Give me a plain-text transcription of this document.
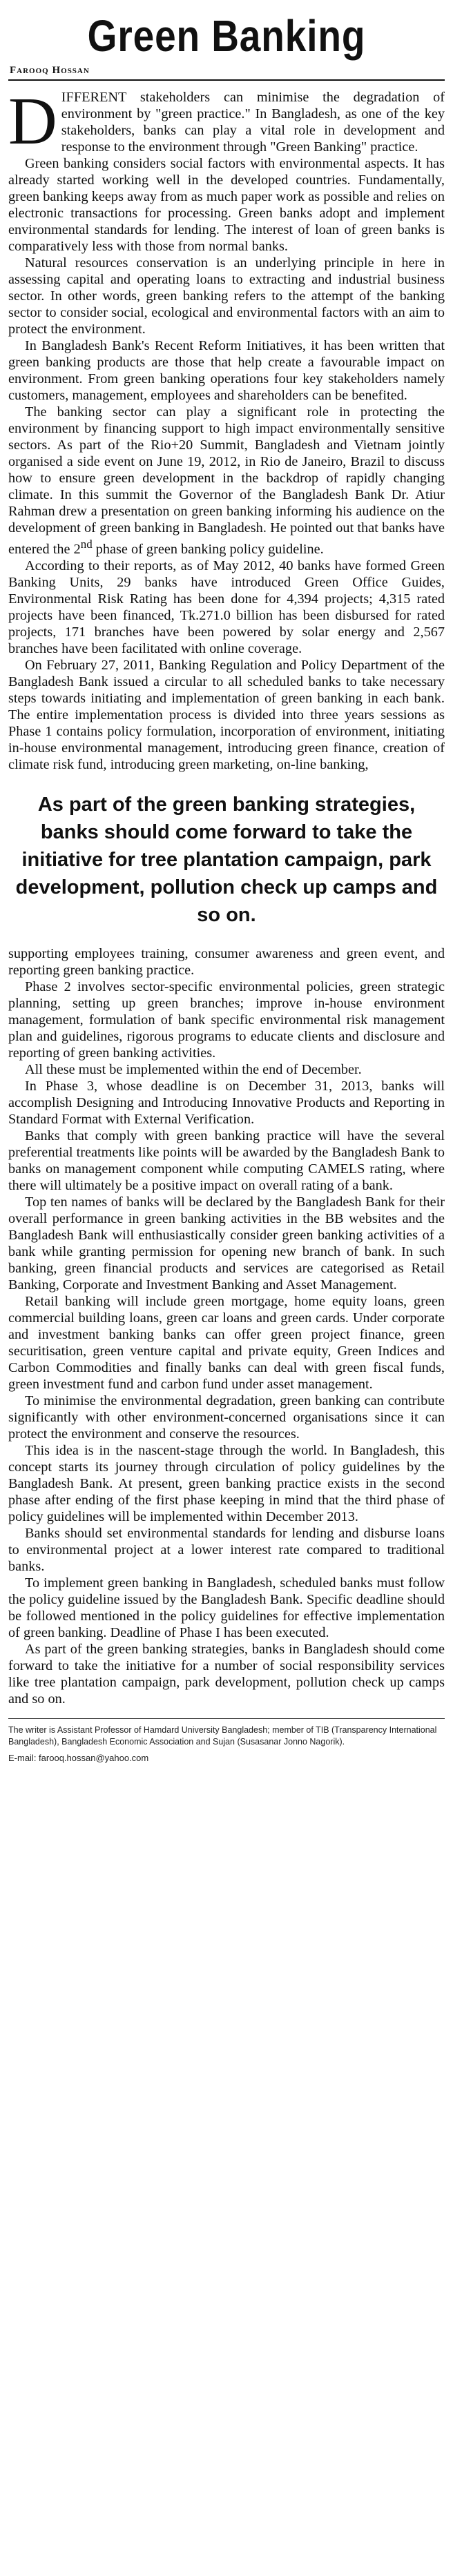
Green Banking
Farooq Hossan

DIFFERENT stakeholders can minimise the degradation of environment by "green practice." In Bangladesh, as one of the key stakeholders, banks can play a vital role in development and response to the environment through "Green Banking" practice.

Green banking considers social factors with environmental aspects. It has already started working well in the developed countries. Fundamentally, green banking keeps away from as much paper work as possible and relies on electronic transactions for processing. Green banks adopt and implement environmental standards for lending. The interest of loan of green banks is comparatively less with those from normal banks.

Natural resources conservation is an underlying principle in here in assessing capital and operating loans to extracting and industrial business sector. In other words, green banking refers to the attempt of the banking sector to consider social, ecological and environmental factors with an aim to protect the environment.

In Bangladesh Bank's Recent Reform Initiatives, it has been written that green banking products are those that help create a favourable impact on environment. From green banking operations four key stakeholders namely customers, management, employees and shareholders can be benefited.

The banking sector can play a significant role in protecting the environment by financing support to high impact environmentally sensitive sectors. As part of the Rio+20 Summit, Bangladesh and Vietnam jointly organised a side event on June 19, 2012, in Rio de Janeiro, Brazil to discuss how to ensure green development in the backdrop of rapidly changing climate. In this summit the Governor of the Bangladesh Bank Dr. Atiur Rahman drew a presentation on green banking informing his audience on the development of green banking in Bangladesh. He pointed out that banks have entered the 2nd phase of green banking policy guideline.

According to their reports, as of May 2012, 40 banks have formed Green Banking Units, 29 banks have introduced Green Office Guides, Environmental Risk Rating has been done for 4,394 projects; 4,315 rated projects have been financed, Tk.271.0 billion has been disbursed for rated projects, 171 branches have been powered by solar energy and 2,567 branches have been facilitated with online coverage.

On February 27, 2011, Banking Regulation and Policy Department of the Bangladesh Bank issued a circular to all scheduled banks to take necessary steps towards initiating and implementation of green banking in each bank. The entire implementation process is divided into three years sessions as Phase 1 contains policy formulation, incorporation of environment, initiating in-house environmental management, introducing green finance, creation of climate risk fund, introducing green marketing, on-line banking,

As part of the green banking strategies, banks should come forward to take the initiative for tree plantation campaign, park development, pollution check up camps and so on.

supporting employees training, consumer awareness and green event, and reporting green banking practice.

Phase 2 involves sector-specific environmental policies, green strategic planning, setting up green branches; improve in-house environment management, formulation of bank specific environmental risk management plan and guidelines, rigorous programs to educate clients and disclosure and reporting of green banking activities.

All these must be implemented within the end of December.

In Phase 3, whose deadline is on December 31, 2013, banks will accomplish Designing and Introducing Innovative Products and Reporting in Standard Format with External Verification.

Banks that comply with green banking practice will have the several preferential treatments like points will be awarded by the Bangladesh Bank to banks on management component while computing CAMELS rating, where there will ultimately be a positive impact on overall rating of a bank.

Top ten names of banks will be declared by the Bangladesh Bank for their overall performance in green banking activities in the BB websites and the Bangladesh Bank will enthusiastically consider green banking activities of a bank while granting permission for opening new branch of bank. In such banking, green financial products and services are categorised as Retail Banking, Corporate and Investment Banking and Asset Management.

Retail banking will include green mortgage, home equity loans, green commercial building loans, green car loans and green cards. Under corporate and investment banking banks can offer green project finance, green securitisation, green venture capital and private equity, Green Indices and Carbon Commodities and finally banks can deal with green fiscal funds, green investment fund and carbon fund under asset management.

To minimise the environmental degradation, green banking can contribute significantly with other environment-concerned organisations since it can protect the environment and conserve the resources.

This idea is in the nascent-stage through the world. In Bangladesh, this concept starts its journey through circulation of policy guidelines by the Bangladesh Bank. At present, green banking practice exists in the second phase after ending of the first phase keeping in mind that the third phase of policy guidelines will be implemented within December 2013.

Banks should set environmental standards for lending and disburse loans to environmental project at a lower interest rate compared to traditional banks.

To implement green banking in Bangladesh, scheduled banks must follow the policy guideline issued by the Bangladesh Bank. Specific deadline should be followed mentioned in the policy guidelines for effective implementation of green banking. Deadline of Phase I has been executed.

As part of the green banking strategies, banks in Bangladesh should come forward to take the initiative for a number of social responsibility services like tree plantation campaign, park development, pollution check up camps and so on.

The writer is Assistant Professor of Hamdard University Bangladesh; member of TIB (Transparency International Bangladesh), Bangladesh Economic Association and Sujan (Susasanar Jonno Nagorik).

E-mail: farooq.hossan@yahoo.com
